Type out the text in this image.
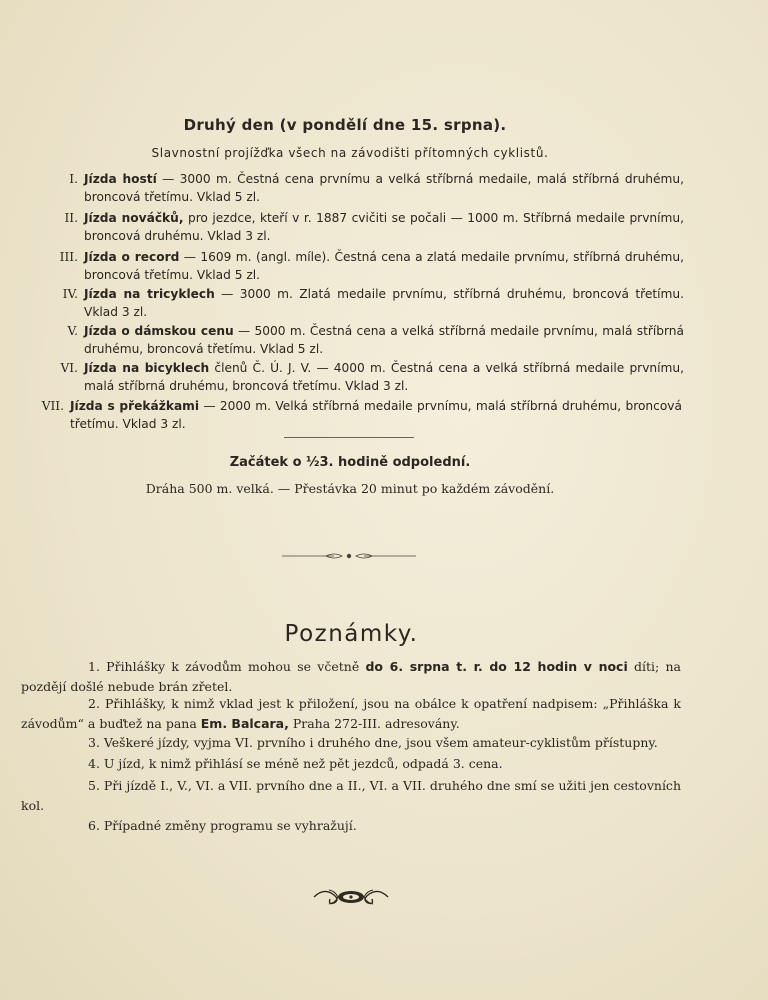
Druhý den (v pondělí dne 15. srpna).
Slavnostní projížďka všech na závodišti přítomných cyklistů.
I. Jízda hostí — 3000 m. Čestná cena prvnímu a velká stříbrná medaile, malá stříbrná druhému, broncová třetímu. Vklad 5 zl.
II. Jízda nováčků, pro jezdce, kteří v r. 1887 cvičiti se počali — 1000 m. Stříbrná medaile prvnímu, broncová druhému. Vklad 3 zl.
III. Jízda o record — 1609 m. (angl. míle). Čestná cena a zlatá medaile prvnímu, stříbrná druhému, broncová třetímu. Vklad 5 zl.
IV. Jízda na tricyklech — 3000 m. Zlatá medaile prvnímu, stříbrná druhému, broncová třetímu. Vklad 3 zl.
V. Jízda o dámskou cenu — 5000 m. Čestná cena a velká stříbrná medaile prvnímu, malá stříbrná druhému, broncová třetímu. Vklad 5 zl.
VI. Jízda na bicyklech členů Č. Ú. J. V. — 4000 m. Čestná cena a velká stříbrná medaile prvnímu, malá stříbrná druhému, broncová třetímu. Vklad 3 zl.
VII. Jízda s překážkami — 2000 m. Velká stříbrná medaile prvnímu, malá stříbrná druhému, broncová třetímu. Vklad 3 zl.
Začátek o ½3. hodině odpolední.
Dráha 500 m. velká. — Přestávka 20 minut po každém závodění.
Poznámky.
1. Přihlášky k závodům mohou se včetně do 6. srpna t. r. do 12 hodin v noci díti; na pozdějí došlé nebude brán zřetel.
2. Přihlášky, k nimž vklad jest k přiložení, jsou na obálce k opatření nadpisem: „Přihláška k závodům“ a buďtež na pana Em. Balcara, Praha 272-III. adresovány.
3. Veškeré jízdy, vyjma VI. prvního i druhého dne, jsou všem amateur-cyklistům přístupny.
4. U jízd, k nimž přihlásí se méně než pět jezdců, odpadá 3. cena.
5. Při jízdě I., V., VI. a VII. prvního dne a II., VI. a VII. druhého dne smí se užiti jen cestovních kol.
6. Případné změny programu se vyhražují.
